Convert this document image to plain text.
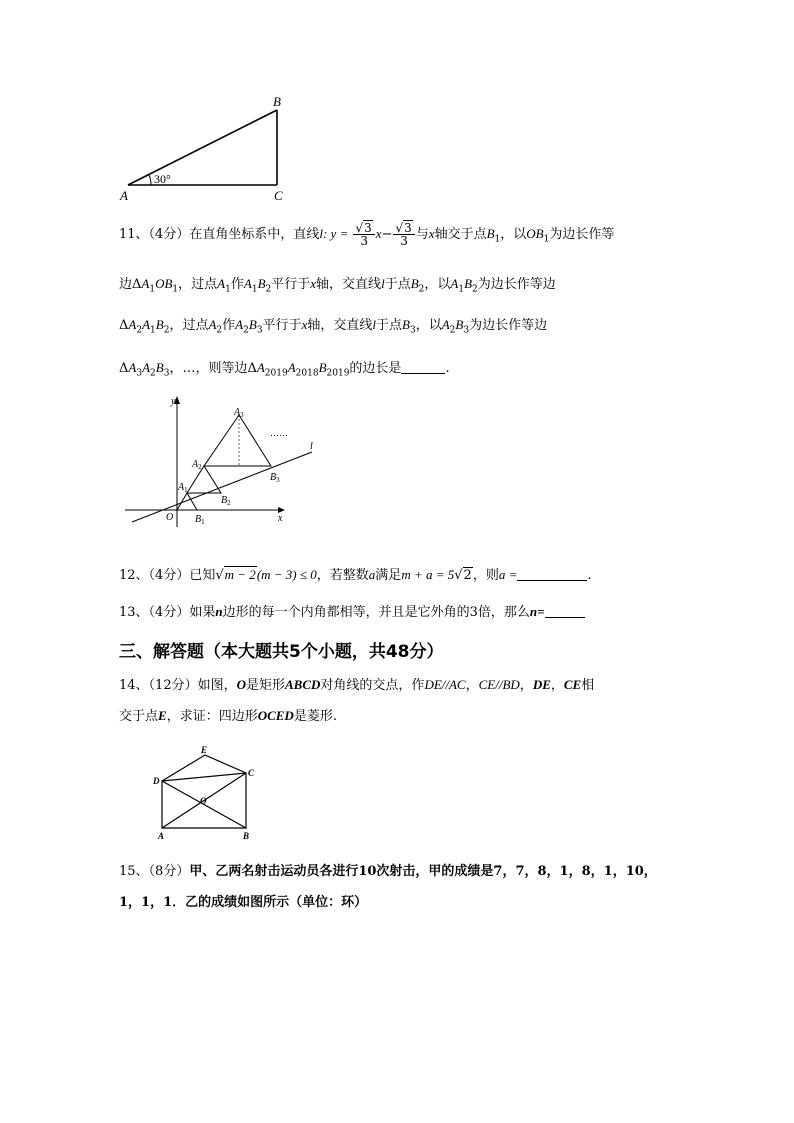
A
B
C
30°
11、（4分）在直角坐标系中，直线l: $y = \frac{√3}{3} x- \frac{√3}{3}$ 与x轴交于点$B_1$，以$OB_1$为边长作等
边$\Delta A_1OB_1$，过点$A_1$作$A_1B_2$平行于x轴，交直线l于点$B_2$，以$A_1B_2$为边长作等边
$\Delta A_2A_1B_2$，过点$A_2$作$A_2B_3$平行于x轴，交直线l于点$B_3$，以$A_2B_3$为边长作等边
$\Delta A_3A_2B_3$，…，则等边$\Delta A_{2019}A_{2018}B_{2019}$的边长是	.
y
x
O
l
$A_1$
$A_2$
$A_3$
$B_1$
$B_2$
$B_3$
……
12、（4分）已知√m − 2(m − 3) ≤ 0，若整数a满足m + a = 5√2，则a =	.
13、（4分）如果n边形的每一个内角都相等，并且是它外角的3倍，那么n=
三、解答题（本大题共5个小题，共48分）
14、（12分）如图，O是矩形ABCD对角线的交点，作DE//AC，CE//BD，DE，CE相
交于点E，求证：四边形OCED是菱形.
E
D
C
O
A	B
15、（8分）甲、乙两名射击运动员各进行10次射击，甲的成绩是7，7，8，1，8，1，10，
1，1，1．乙的成绩如图所示（单位：环）
